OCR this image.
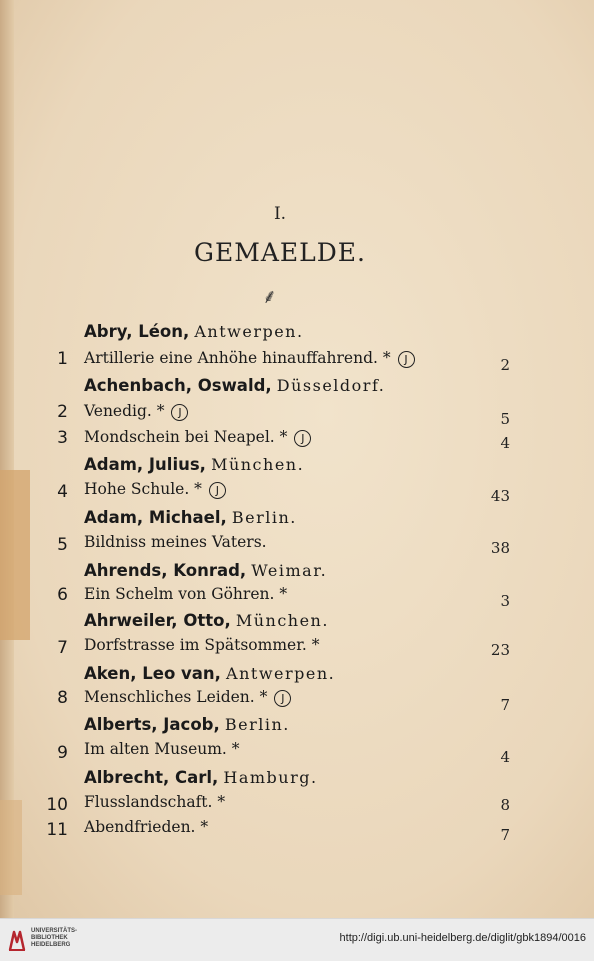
I.
GEMAELDE.
⸙
Abry, Léon, Antwerpen.
1 Artillerie eine Anhöhe hinauffahrend. * J	2
Achenbach, Oswald, Düsseldorf.
2 Venedig. * J	5
3 Mondschein bei Neapel. * J	4
Adam, Julius, München.
4 Hohe Schule. * J	43
Adam, Michael, Berlin.
5 Bildniss meines Vaters.	38
Ahrends, Konrad, Weimar.
6 Ein Schelm von Göhren. *	3
Ahrweiler, Otto, München.
7 Dorfstrasse im Spätsommer. *	23
Aken, Leo van, Antwerpen.
8 Menschliches Leiden. * J	7
Alberts, Jacob, Berlin.
9 Im alten Museum. *	4
Albrecht, Carl, Hamburg.
10 Flusslandschaft. *	8
11 Abendfrieden. *	7
UNIVERSITÄTS-
BIBLIOTHEK
HEIDELBERG
http://digi.ub.uni-heidelberg.de/diglit/gbk1894/0016
